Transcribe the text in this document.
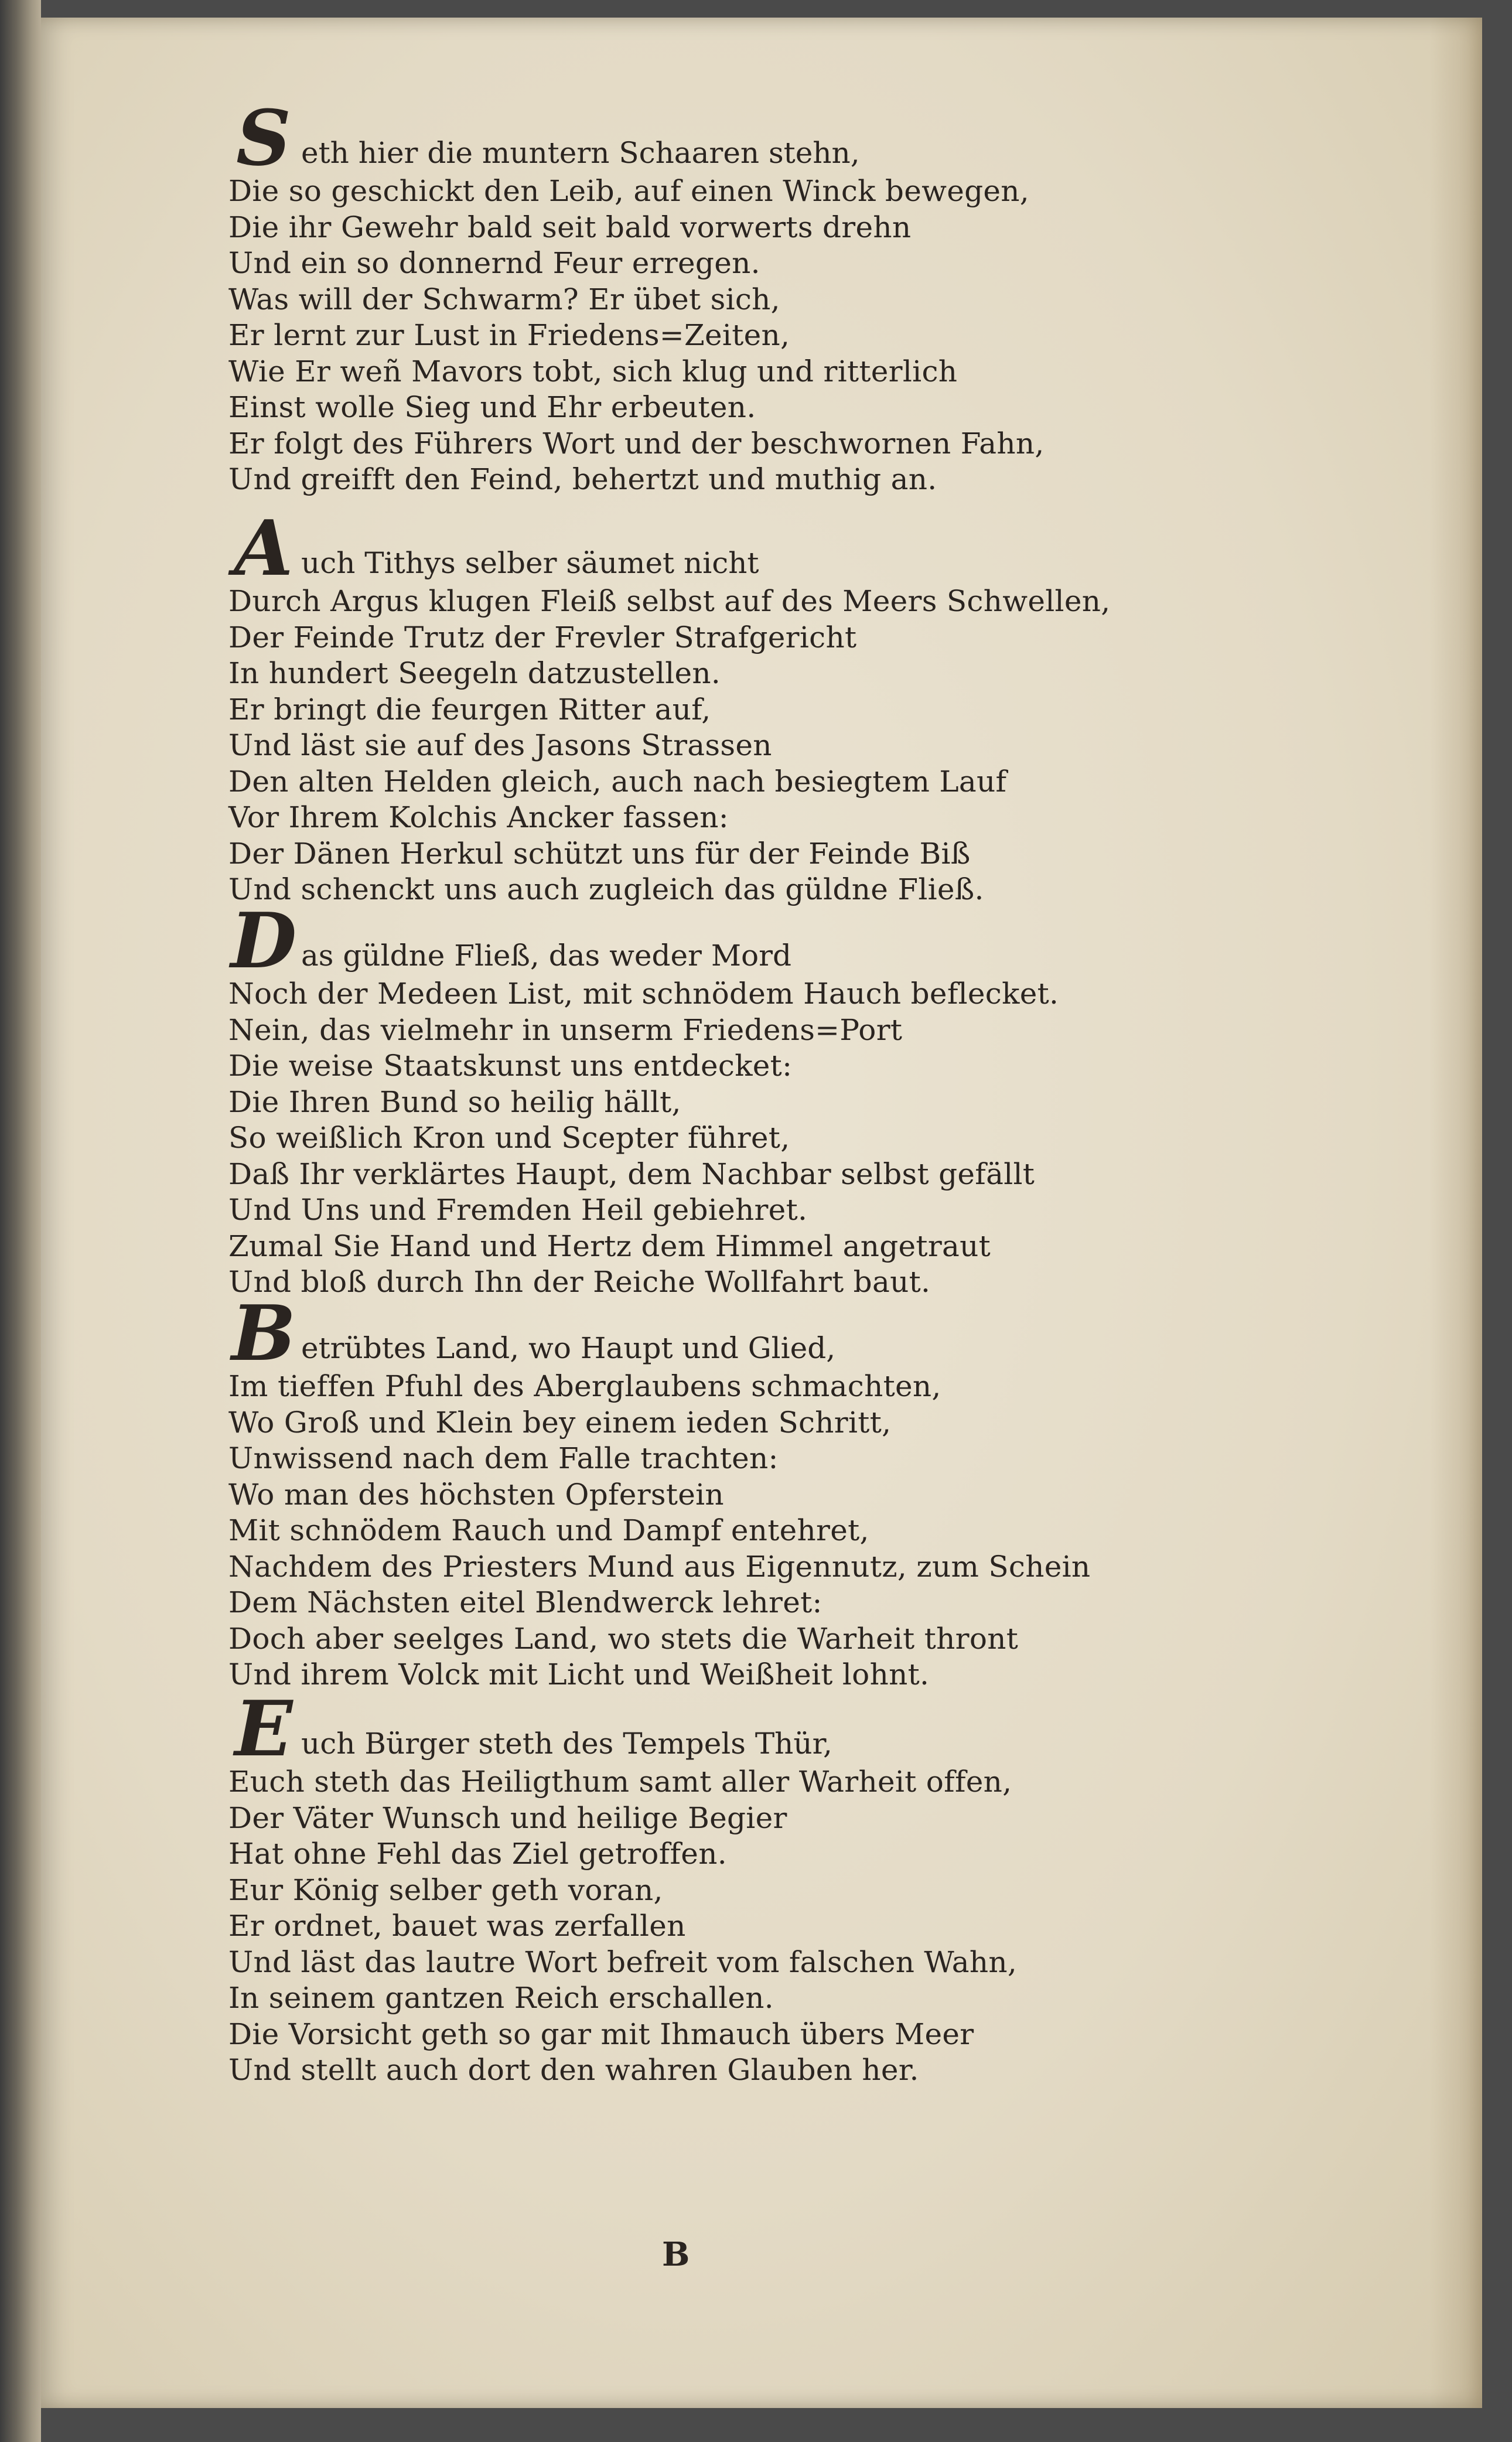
S eth hier die muntern Schaaren stehn,
Die so geschickt den Leib, auf einen Winck bewegen,
Die ihr Gewehr bald seit bald vorwerts drehn
Und ein so donnernd Feur erregen.
Was will der Schwarm? Er übet sich,
Er lernt zur Lust in Friedens=Zeiten,
Wie Er weñ Mavors tobt, sich klug und ritterlich
Einst wolle Sieg und Ehr erbeuten.
Er folgt des Führers Wort und der beschwornen Fahn,
Und greifft den Feind, behertzt und muthig an.
A uch Tithys selber säumet nicht
Durch Argus klugen Fleiß selbst auf des Meers Schwellen,
Der Feinde Trutz der Frevler Strafgericht
In hundert Seegeln datzustellen.
Er bringt die feurgen Ritter auf,
Und läst sie auf des Jasons Strassen
Den alten Helden gleich, auch nach besiegtem Lauf
Vor Ihrem Kolchis Ancker fassen:
Der Dänen Herkul schützt uns für der Feinde Biß
Und schenckt uns auch zugleich das güldne Fließ.
D as güldne Fließ, das weder Mord
Noch der Medeen List, mit schnödem Hauch beflecket.
Nein, das vielmehr in unserm Friedens=Port
Die weise Staatskunst uns entdecket:
Die Ihren Bund so heilig hällt,
So weißlich Kron und Scepter führet,
Daß Ihr verklärtes Haupt, dem Nachbar selbst gefällt
Und Uns und Fremden Heil gebiehret.
Zumal Sie Hand und Hertz dem Himmel angetraut
Und bloß durch Ihn der Reiche Wollfahrt baut.
B etrübtes Land, wo Haupt und Glied,
Im tieffen Pfuhl des Aberglaubens schmachten,
Wo Groß und Klein bey einem ieden Schritt,
Unwissend nach dem Falle trachten:
Wo man des höchsten Opferstein
Mit schnödem Rauch und Dampf entehret,
Nachdem des Priesters Mund aus Eigennutz, zum Schein
Dem Nächsten eitel Blendwerck lehret:
Doch aber seelges Land, wo stets die Warheit thront
Und ihrem Volck mit Licht und Weißheit lohnt.
E uch Bürger steth des Tempels Thür,
Euch steth das Heiligthum samt aller Warheit offen,
Der Väter Wunsch und heilige Begier
Hat ohne Fehl das Ziel getroffen.
Eur König selber geth voran,
Er ordnet, bauet was zerfallen
Und läst das lautre Wort befreit vom falschen Wahn,
In seinem gantzen Reich erschallen.
Die Vorsicht geth so gar mit Ihmauch übers Meer
Und stellt auch dort den wahren Glauben her.
B
